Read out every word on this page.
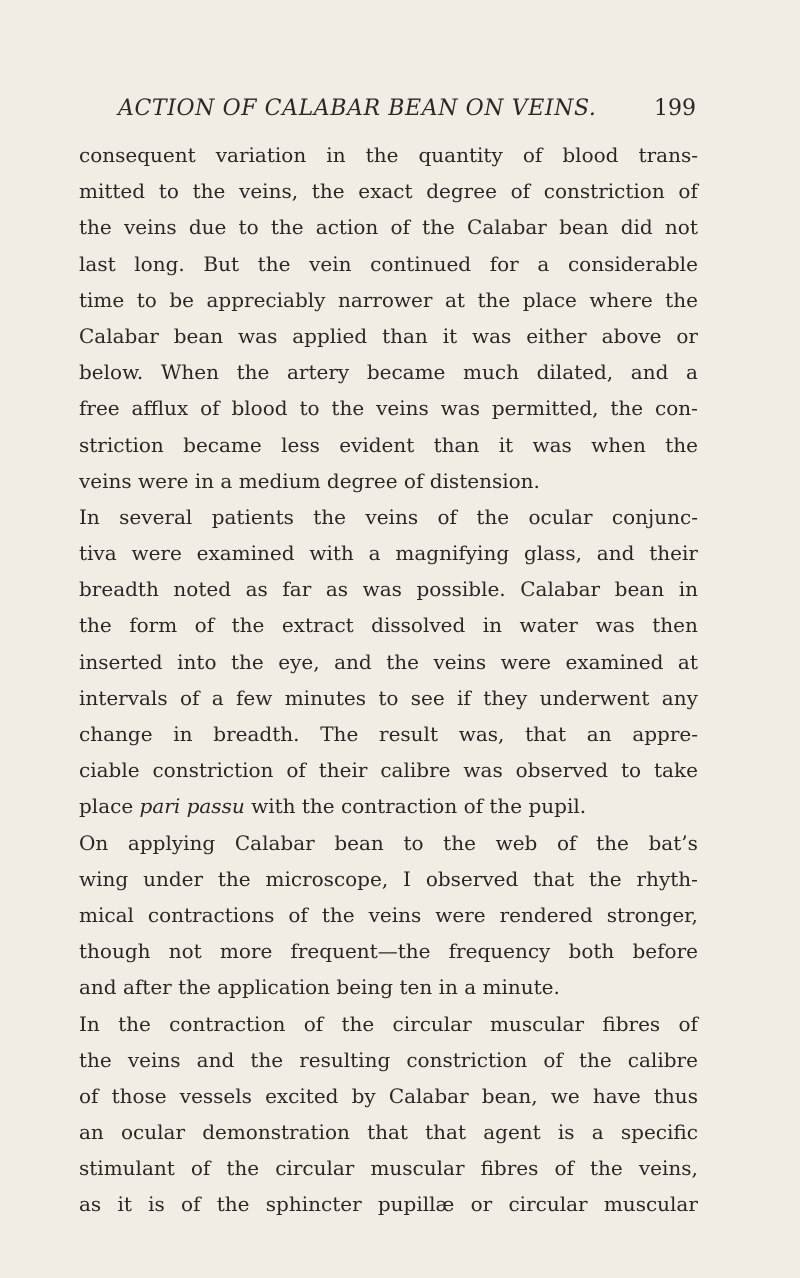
ACTION OF CALABAR BEAN ON VEINS.	199
consequent variation in the quantity of blood trans-
mitted to the veins, the exact degree of constriction of
the veins due to the action of the Calabar bean did not
last long. But the vein continued for a considerable
time to be appreciably narrower at the place where the
Calabar bean was applied than it was either above or
below. When the artery became much dilated, and a
free afflux of blood to the veins was permitted, the con-
striction became less evident than it was when the
veins were in a medium degree of distension.
In several patients the veins of the ocular conjunc-
tiva were examined with a magnifying glass, and their
breadth noted as far as was possible. Calabar bean in
the form of the extract dissolved in water was then
inserted into the eye, and the veins were examined at
intervals of a few minutes to see if they underwent any
change in breadth. The result was, that an appre-
ciable constriction of their calibre was observed to take
place pari passu with the contraction of the pupil.
On applying Calabar bean to the web of the bat’s
wing under the microscope, I observed that the rhyth-
mical contractions of the veins were rendered stronger,
though not more frequent—the frequency both before
and after the application being ten in a minute.
In the contraction of the circular muscular fibres of
the veins and the resulting constriction of the calibre
of those vessels excited by Calabar bean, we have thus
an ocular demonstration that that agent is a specific
stimulant of the circular muscular fibres of the veins,
as it is of the sphincter pupillæ or circular muscular
